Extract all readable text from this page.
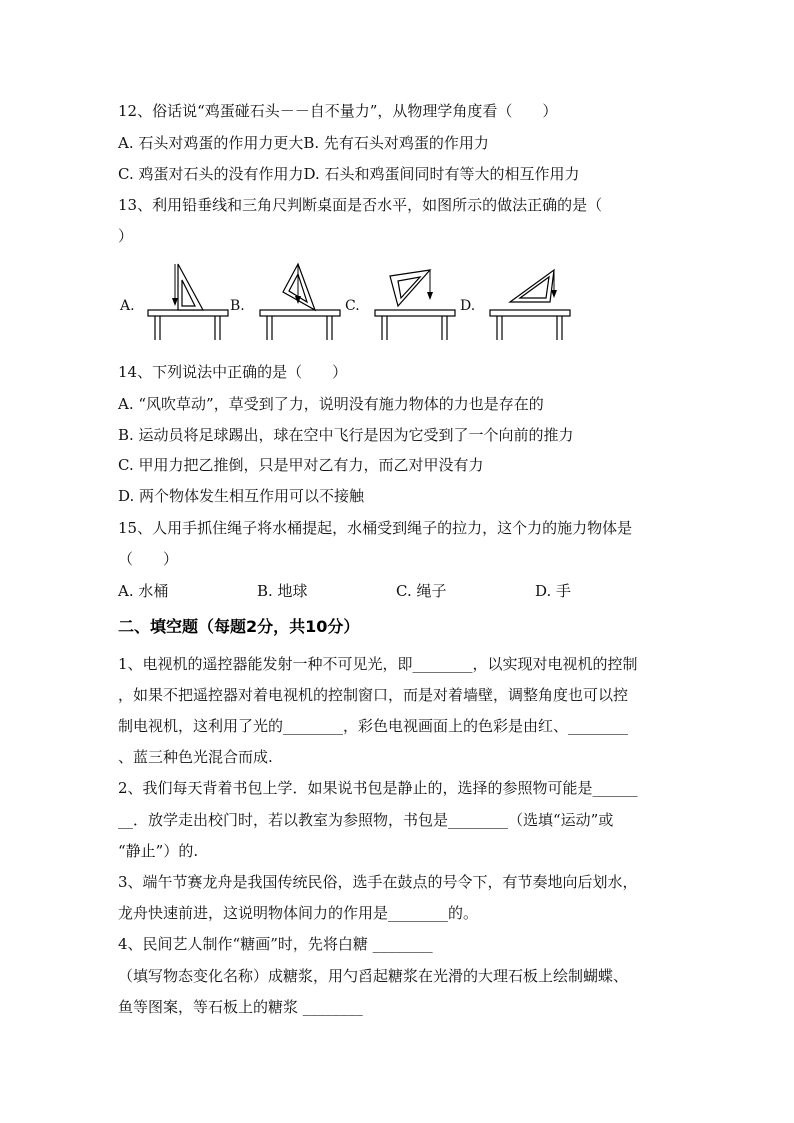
12、俗话说“鸡蛋碰石头－－自不量力”，从物理学角度看（　　）
A. 石头对鸡蛋的作用力更大B. 先有石头对鸡蛋的作用力
C. 鸡蛋对石头的没有作用力D. 石头和鸡蛋间同时有等大的相互作用力
13、利用铅垂线和三角尺判断桌面是否水平，如图所示的做法正确的是（
）
A.	B.	C.	D.
14、下列说法中正确的是（　　）
A. “风吹草动”，草受到了力，说明没有施力物体的力也是存在的
B. 运动员将足球踢出，球在空中飞行是因为它受到了一个向前的推力
C. 甲用力把乙推倒，只是甲对乙有力，而乙对甲没有力
D. 两个物体发生相互作用可以不接触
15、人用手抓住绳子将水桶提起，水桶受到绳子的拉力，这个力的施力物体是
（　　）
A. 水桶	B. 地球	C. 绳子	D. 手
二、填空题（每题2分，共10分）
1、电视机的遥控器能发射一种不可见光，即________，以实现对电视机的控制
，如果不把遥控器对着电视机的控制窗口，而是对着墙壁，调整角度也可以控
制电视机，这利用了光的________，彩色电视画面上的色彩是由红、________
、蓝三种色光混合而成.
2、我们每天背着书包上学．如果说书包是静止的，选择的参照物可能是______
__．放学走出校门时，若以教室为参照物，书包是________（选填“运动”或
“静止”）的.
3、端午节赛龙舟是我国传统民俗，选手在鼓点的号令下，有节奏地向后划水，
龙舟快速前进，这说明物体间力的作用是________的。
4、民间艺人制作“糖画”时，先将白糖 ________
（填写物态变化名称）成糖浆，用勺舀起糖浆在光滑的大理石板上绘制蝴蝶、
鱼等图案，等石板上的糖浆 ________
